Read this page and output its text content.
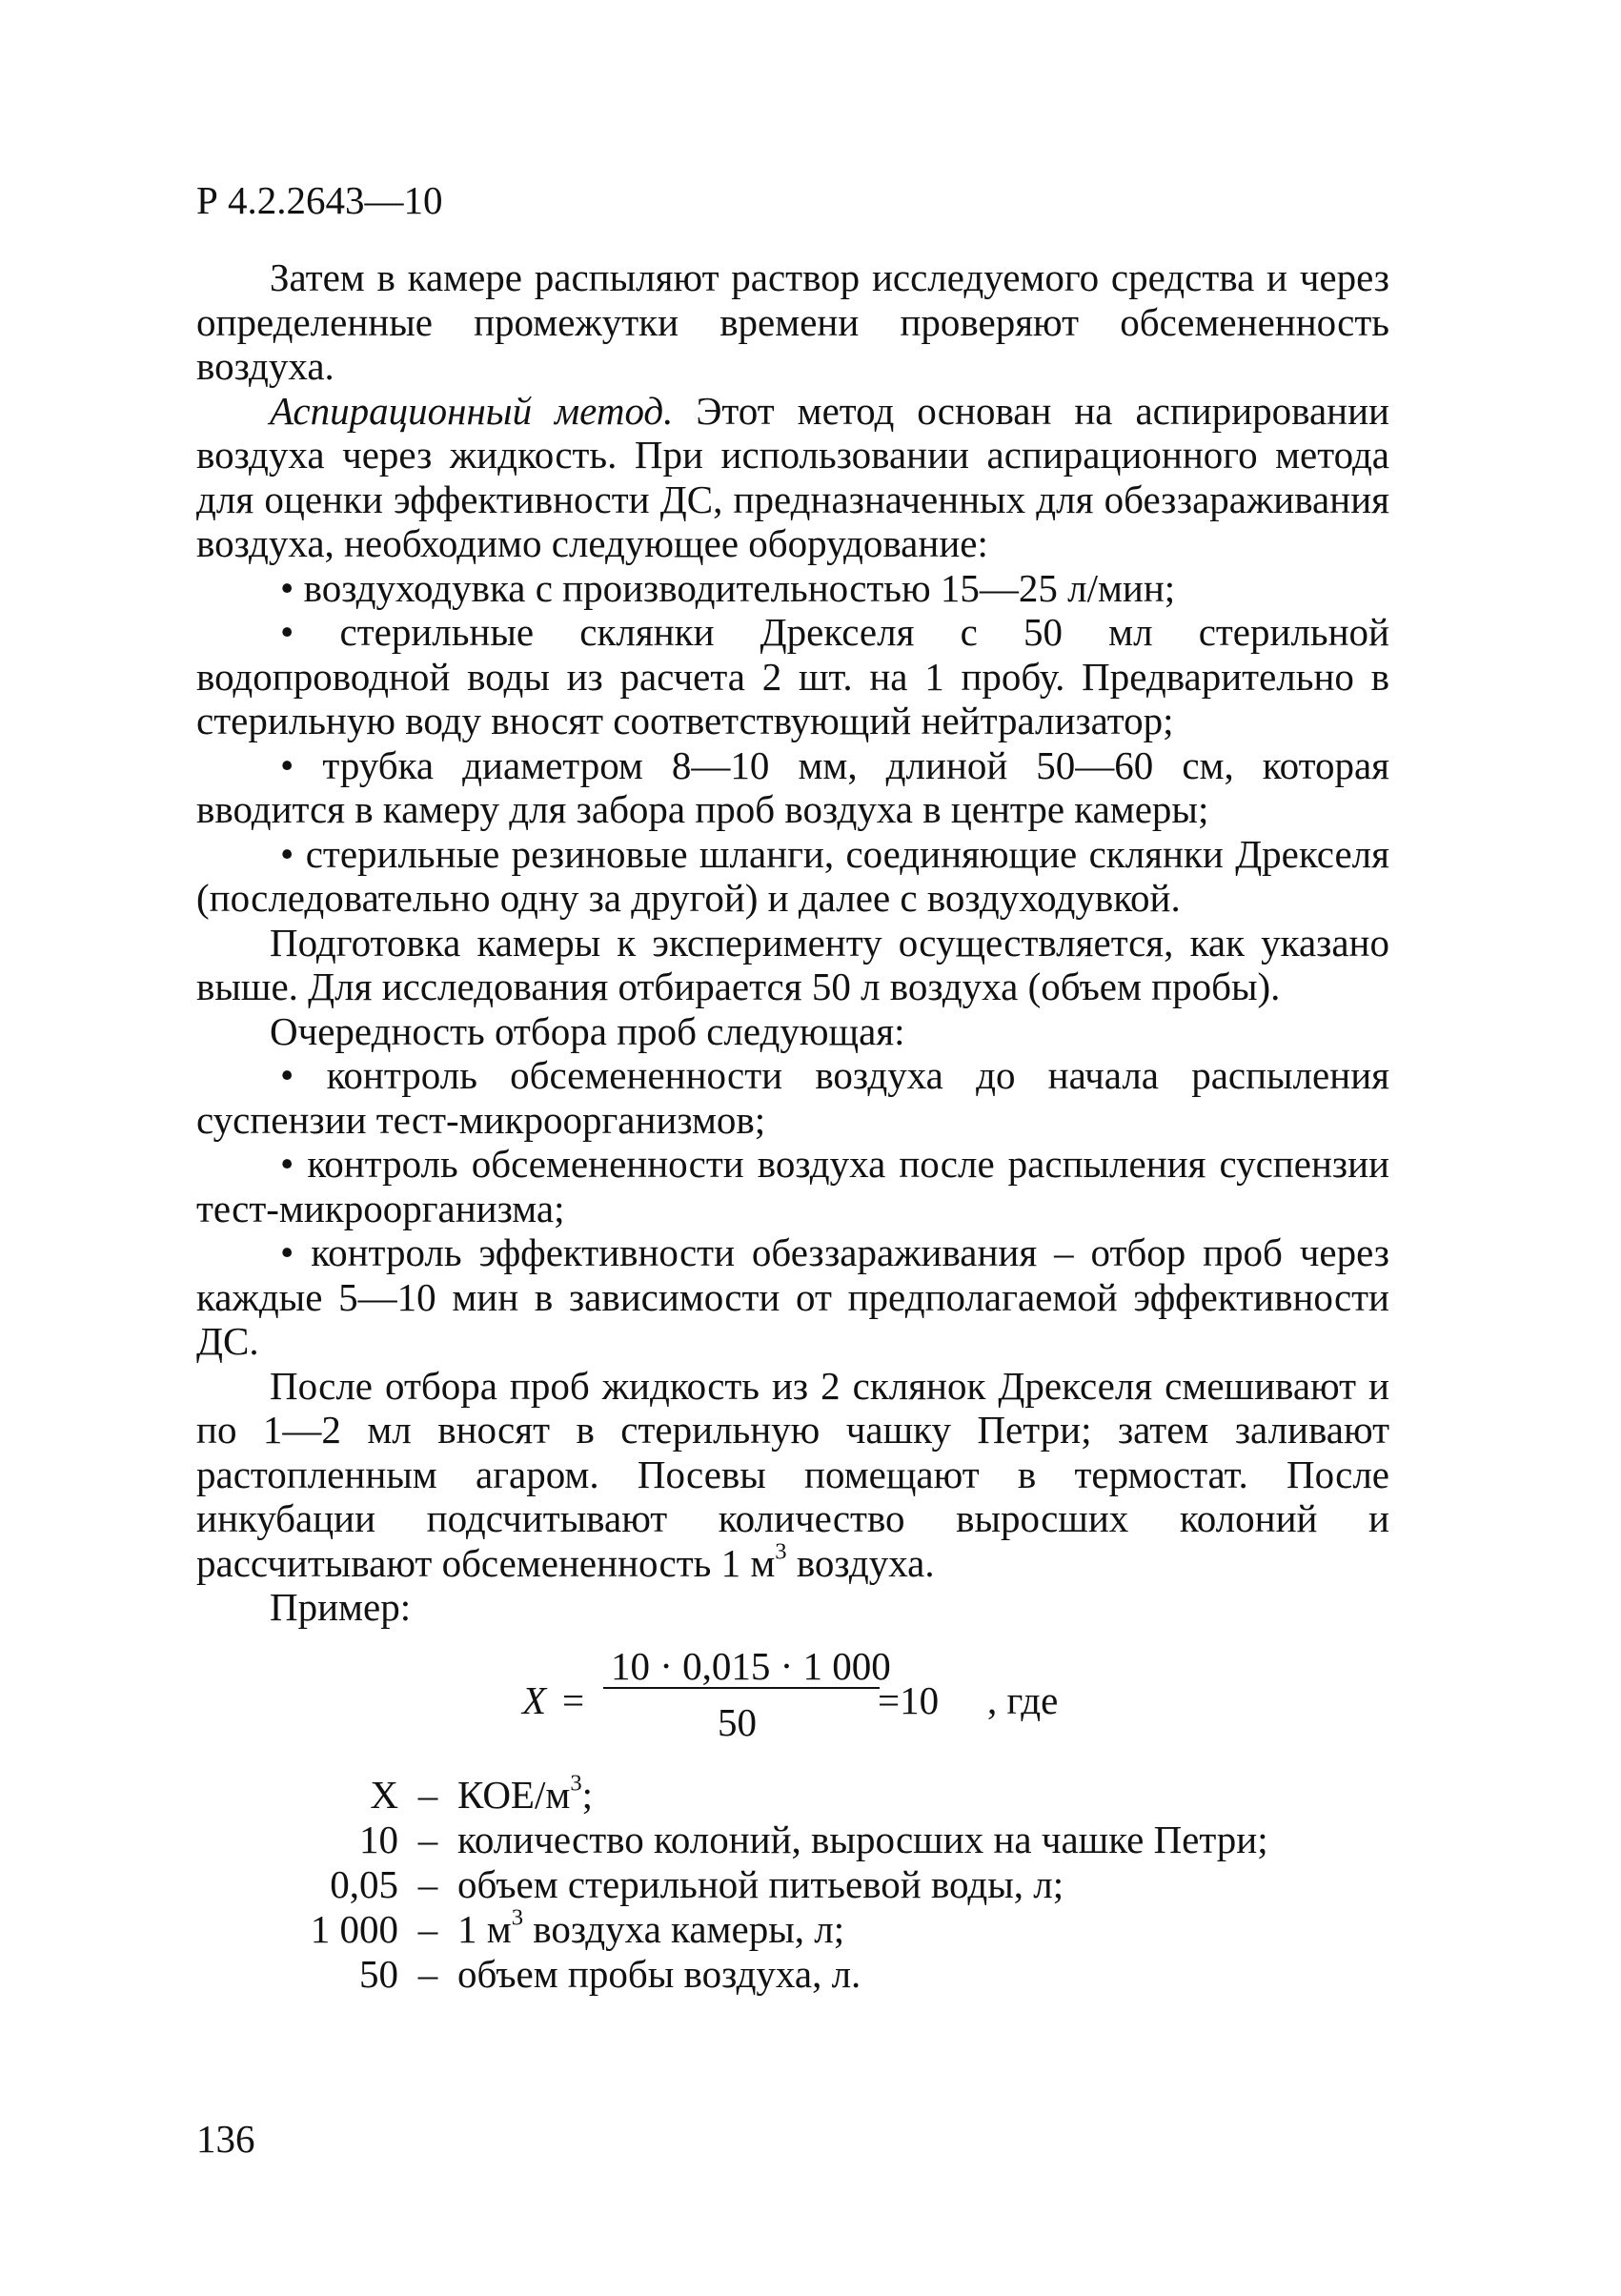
Р 4.2.2643—10

Затем в камере распыляют раствор исследуемого средства и через определенные промежутки времени проверяют обсемененность воздуха.

Аспирационный метод. Этот метод основан на аспирировании воздуха через жидкость. При использовании аспирационного метода для оценки эффективности ДС, предназначенных для обеззараживания воздуха, необходимо следующее оборудование:

• воздуходувка с производительностью 15—25 л/мин;

• стерильные склянки Дрекселя с 50 мл стерильной водопроводной воды из расчета 2 шт. на 1 пробу. Предварительно в стерильную воду вносят соответствующий нейтрализатор;

• трубка диаметром 8—10 мм, длиной 50—60 см, которая вводится в камеру для забора проб воздуха в центре камеры;

• стерильные резиновые шланги, соединяющие склянки Дрекселя (последовательно одну за другой) и далее с воздуходувкой.

Подготовка камеры к эксперименту осуществляется, как указано выше. Для исследования отбирается 50 л воздуха (объем пробы).

Очередность отбора проб следующая:

• контроль обсемененности воздуха до начала распыления суспензии тест-микроорганизмов;

• контроль обсемененности воздуха после распыления суспензии тест-микроорганизма;

• контроль эффективности обеззараживания – отбор проб через каждые 5—10 мин в зависимости от предполагаемой эффективности ДС.

После отбора проб жидкость из 2 склянок Дрекселя смешивают и по 1—2 мл вносят в стерильную чашку Петри; затем заливают растопленным агаром. Посевы помещают в термостат. После инкубации подсчитывают количество выросших колоний и рассчитывают обсемененность 1 $м^3$ воздуха.

Пример:

X =
10 · 0,015 · 1 000
50	=10 , где
X – КОЕ/$м^3$;
10 – количество колоний, выросших на чашке Петри;
0,05 – объем стерильной питьевой воды, л;
1 000 – 1 $м^3$ воздуха камеры, л;
50 – объем пробы воздуха, л.
136
